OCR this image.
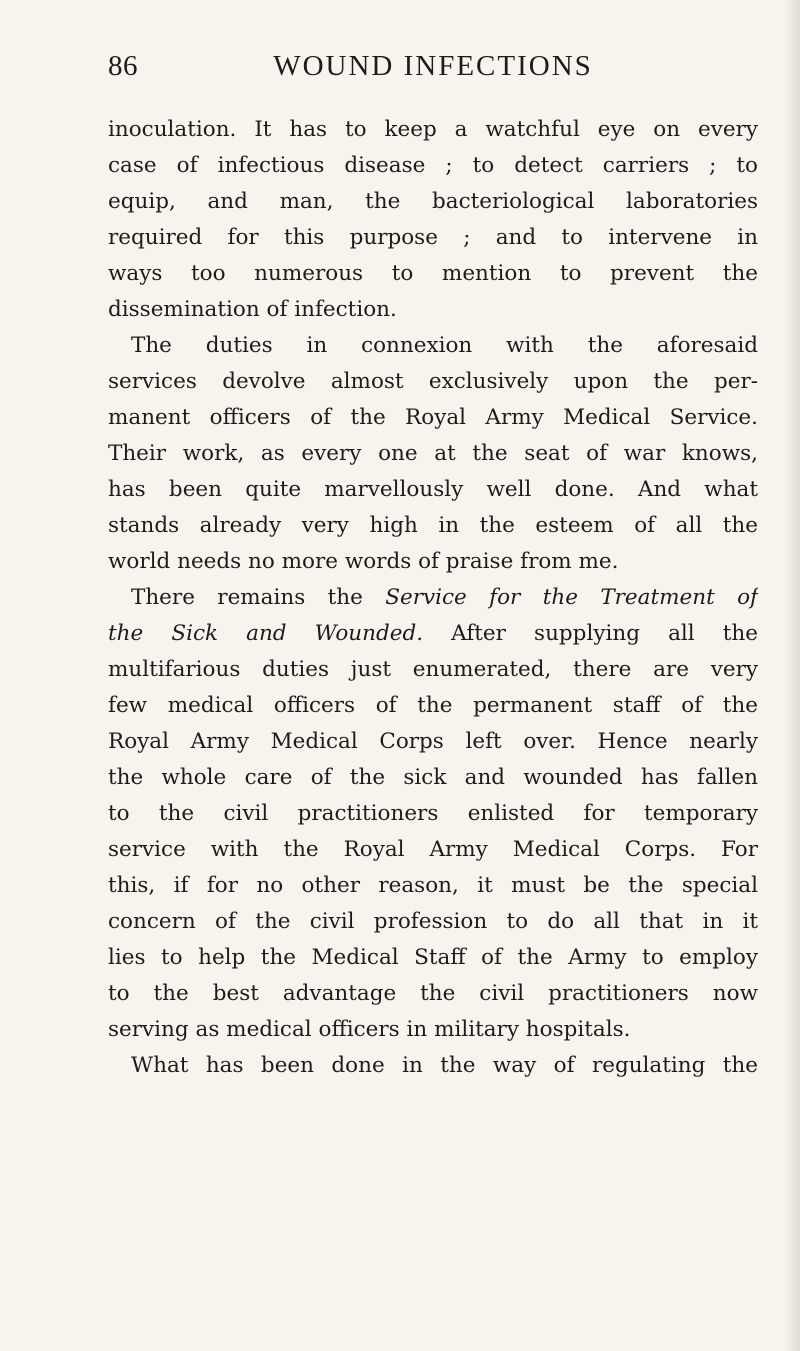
86	WOUND INFECTIONS
inoculation. It has to keep a watchful eye on every
case of infectious disease ; to detect carriers ; to
equip, and man, the bacteriological laboratories
required for this purpose ; and to intervene in
ways too numerous to mention to prevent the
dissemination of infection.
The duties in connexion with the aforesaid
services devolve almost exclusively upon the per-
manent officers of the Royal Army Medical Service.
Their work, as every one at the seat of war knows,
has been quite marvellously well done. And what
stands already very high in the esteem of all the
world needs no more words of praise from me.
There remains the Service for the Treatment of
the Sick and Wounded. After supplying all the
multifarious duties just enumerated, there are very
few medical officers of the permanent staff of the
Royal Army Medical Corps left over. Hence nearly
the whole care of the sick and wounded has fallen
to the civil practitioners enlisted for temporary
service with the Royal Army Medical Corps. For
this, if for no other reason, it must be the special
concern of the civil profession to do all that in it
lies to help the Medical Staff of the Army to employ
to the best advantage the civil practitioners now
serving as medical officers in military hospitals.
What has been done in the way of regulating the
